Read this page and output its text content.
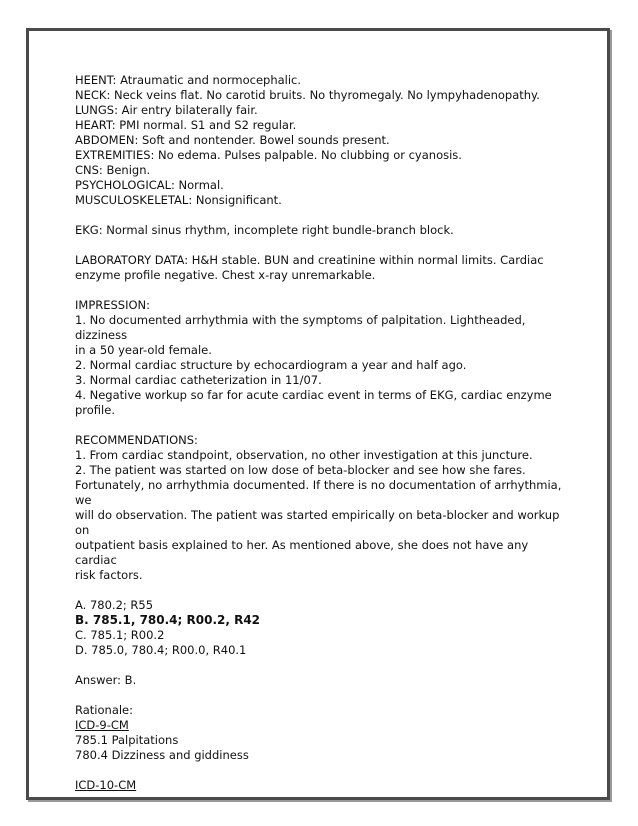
HEENT: Atraumatic and normocephalic.

NECK: Neck veins flat. No carotid bruits. No thyromegaly. No lympyhadenopathy.

LUNGS: Air entry bilaterally fair.

HEART: PMI normal. S1 and S2 regular.

ABDOMEN: Soft and nontender. Bowel sounds present.

EXTREMITIES: No edema. Pulses palpable. No clubbing or cyanosis.

CNS: Benign.

PSYCHOLOGICAL: Normal.

MUSCULOSKELETAL: Nonsignificant.

EKG: Normal sinus rhythm, incomplete right bundle-branch block.

LABORATORY DATA: H&H stable. BUN and creatinine within normal limits. Cardiac

enzyme profile negative. Chest x-ray unremarkable.

IMPRESSION:

1. No documented arrhythmia with the symptoms of palpitation. Lightheaded, dizziness

in a 50 year-old female.

2. Normal cardiac structure by echocardiogram a year and half ago.

3. Normal cardiac catheterization in 11/07.

4. Negative workup so far for acute cardiac event in terms of EKG, cardiac enzyme

profile.

RECOMMENDATIONS:

1. From cardiac standpoint, observation, no other investigation at this juncture.

2. The patient was started on low dose of beta-blocker and see how she fares.

Fortunately, no arrhythmia documented. If there is no documentation of arrhythmia, we

will do observation. The patient was started empirically on beta-blocker and workup on

outpatient basis explained to her. As mentioned above, she does not have any cardiac

risk factors.

A. 780.2; R55

B. 785.1, 780.4; R00.2, R42

C. 785.1; R00.2

D. 785.0, 780.4; R00.0, R40.1

Answer: B.

Rationale:

ICD-9-CM

785.1 Palpitations

780.4 Dizziness and giddiness

ICD-10-CM
